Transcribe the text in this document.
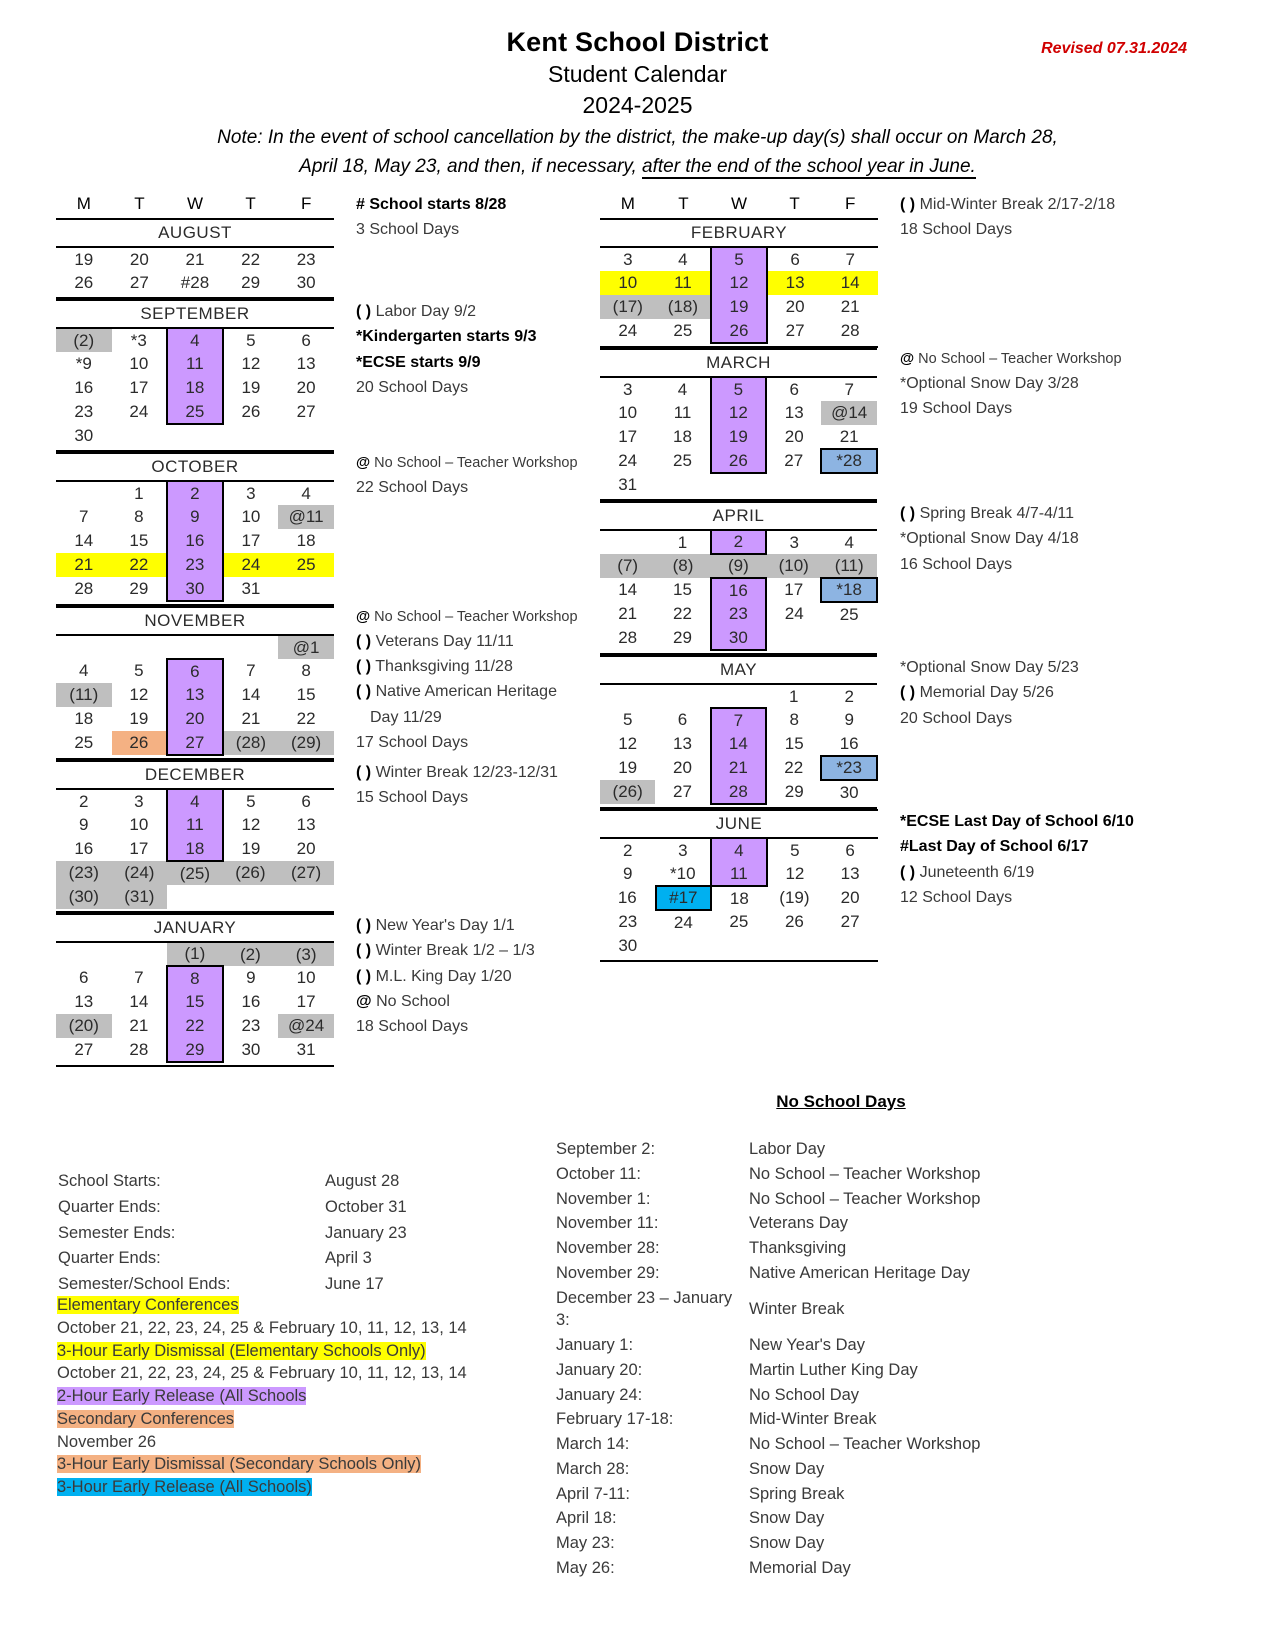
Kent School District
Student Calendar
2024-2025
Note: In the event of school cancellation by the district, the make-up day(s) shall occur on March 28,
April 18, May 23, and then, if necessary, after the end of the school year in June.
Revised 07.31.2024
M	T	W	T	F
AUGUST				
19	20	21	22	23
26	27	#28	29	30

# School starts 8/28
3 School Days
SEPTEMBER				
(2)	*3	4	5	6
*9	10	11	12	13
16	17	18	19	20
23	24	25	26	27
30				

( ) Labor Day 9/2
*Kindergarten starts 9/3
*ECSE starts 9/9
20 School Days
OCTOBER				
	1	2	3	4
7	8	9	10	@11
14	15	16	17	18
21	22	23	24	25
28	29	30	31	

@ No School – Teacher Workshop
22 School Days
NOVEMBER				
				@1
4	5	6	7	8
(11)	12	13	14	15
18	19	20	21	22
25	26	27	(28)	(29)

@ No School – Teacher Workshop
( ) Veterans Day 11/11
( ) Thanksgiving 11/28
( ) Native American Heritage
Day 11/29
17 School Days
DECEMBER				
2	3	4	5	6
9	10	11	12	13
16	17	18	19	20
(23)	(24)	(25)	(26)	(27)
(30)	(31)			

( ) Winter Break 12/23-12/31
15 School Days
JANUARY				
		(1)	(2)	(3)
6	7	8	9	10
13	14	15	16	17
(20)	21	22	23	@24
27	28	29	30	31

( ) New Year's Day 1/1
( ) Winter Break 1/2 – 1/3
( ) M.L. King Day 1/20
@ No School
18 School Days
M	T	W	T	F
FEBRUARY				
3	4	5	6	7
10	11	12	13	14
(17)	(18)	19	20	21
24	25	26	27	28

( ) Mid-Winter Break 2/17-2/18
18 School Days
MARCH				
3	4	5	6	7
10	11	12	13	@14
17	18	19	20	21
24	25	26	27	*28
31				

@ No School – Teacher Workshop
*Optional Snow Day 3/28
19 School Days
APRIL				
	1	2	3	4
(7)	(8)	(9)	(10)	(11)
14	15	16	17	*18
21	22	23	24	25
28	29	30		

( ) Spring Break 4/7-4/11
*Optional Snow Day 4/18
16 School Days
MAY				
			1	2
5	6	7	8	9
12	13	14	15	16
19	20	21	22	*23
(26)	27	28	29	30

*Optional Snow Day 5/23
( ) Memorial Day 5/26
20 School Days
JUNE				
2	3	4	5	6
9	*10	11	12	13
16	#17	18	(19)	20
23	24	25	26	27
30				

*ECSE Last Day of School 6/10
#Last Day of School 6/17
( ) Juneteenth 6/19
12 School Days
School Starts:	August 28
Quarter Ends:	October 31
Semester Ends:	January 23
Quarter Ends:	April 3
Semester/School Ends:	June 17
Elementary Conferences
October 21, 22, 23, 24, 25 & February 10, 11, 12, 13, 14
3-Hour Early Dismissal (Elementary Schools Only)
October 21, 22, 23, 24, 25 & February 10, 11, 12, 13, 14
2-Hour Early Release (All Schools
Secondary Conferences
November 26
3-Hour Early Dismissal (Secondary Schools Only)
3-Hour Early Release (All Schools)
No School Days
September 2:	Labor Day
October 11:	No School – Teacher Workshop
November 1:	No School – Teacher Workshop
November 11:	Veterans Day
November 28:	Thanksgiving
November 29:	Native American Heritage Day
December 23 – January 3:	Winter Break
January 1:	New Year's Day
January 20:	Martin Luther King Day
January 24:	No School Day
February 17-18:	Mid-Winter Break
March 14:	No School – Teacher Workshop
March 28:	Snow Day
April 7-11:	Spring Break
April 18:	Snow Day
May 23:	Snow Day
May 26:	Memorial Day
